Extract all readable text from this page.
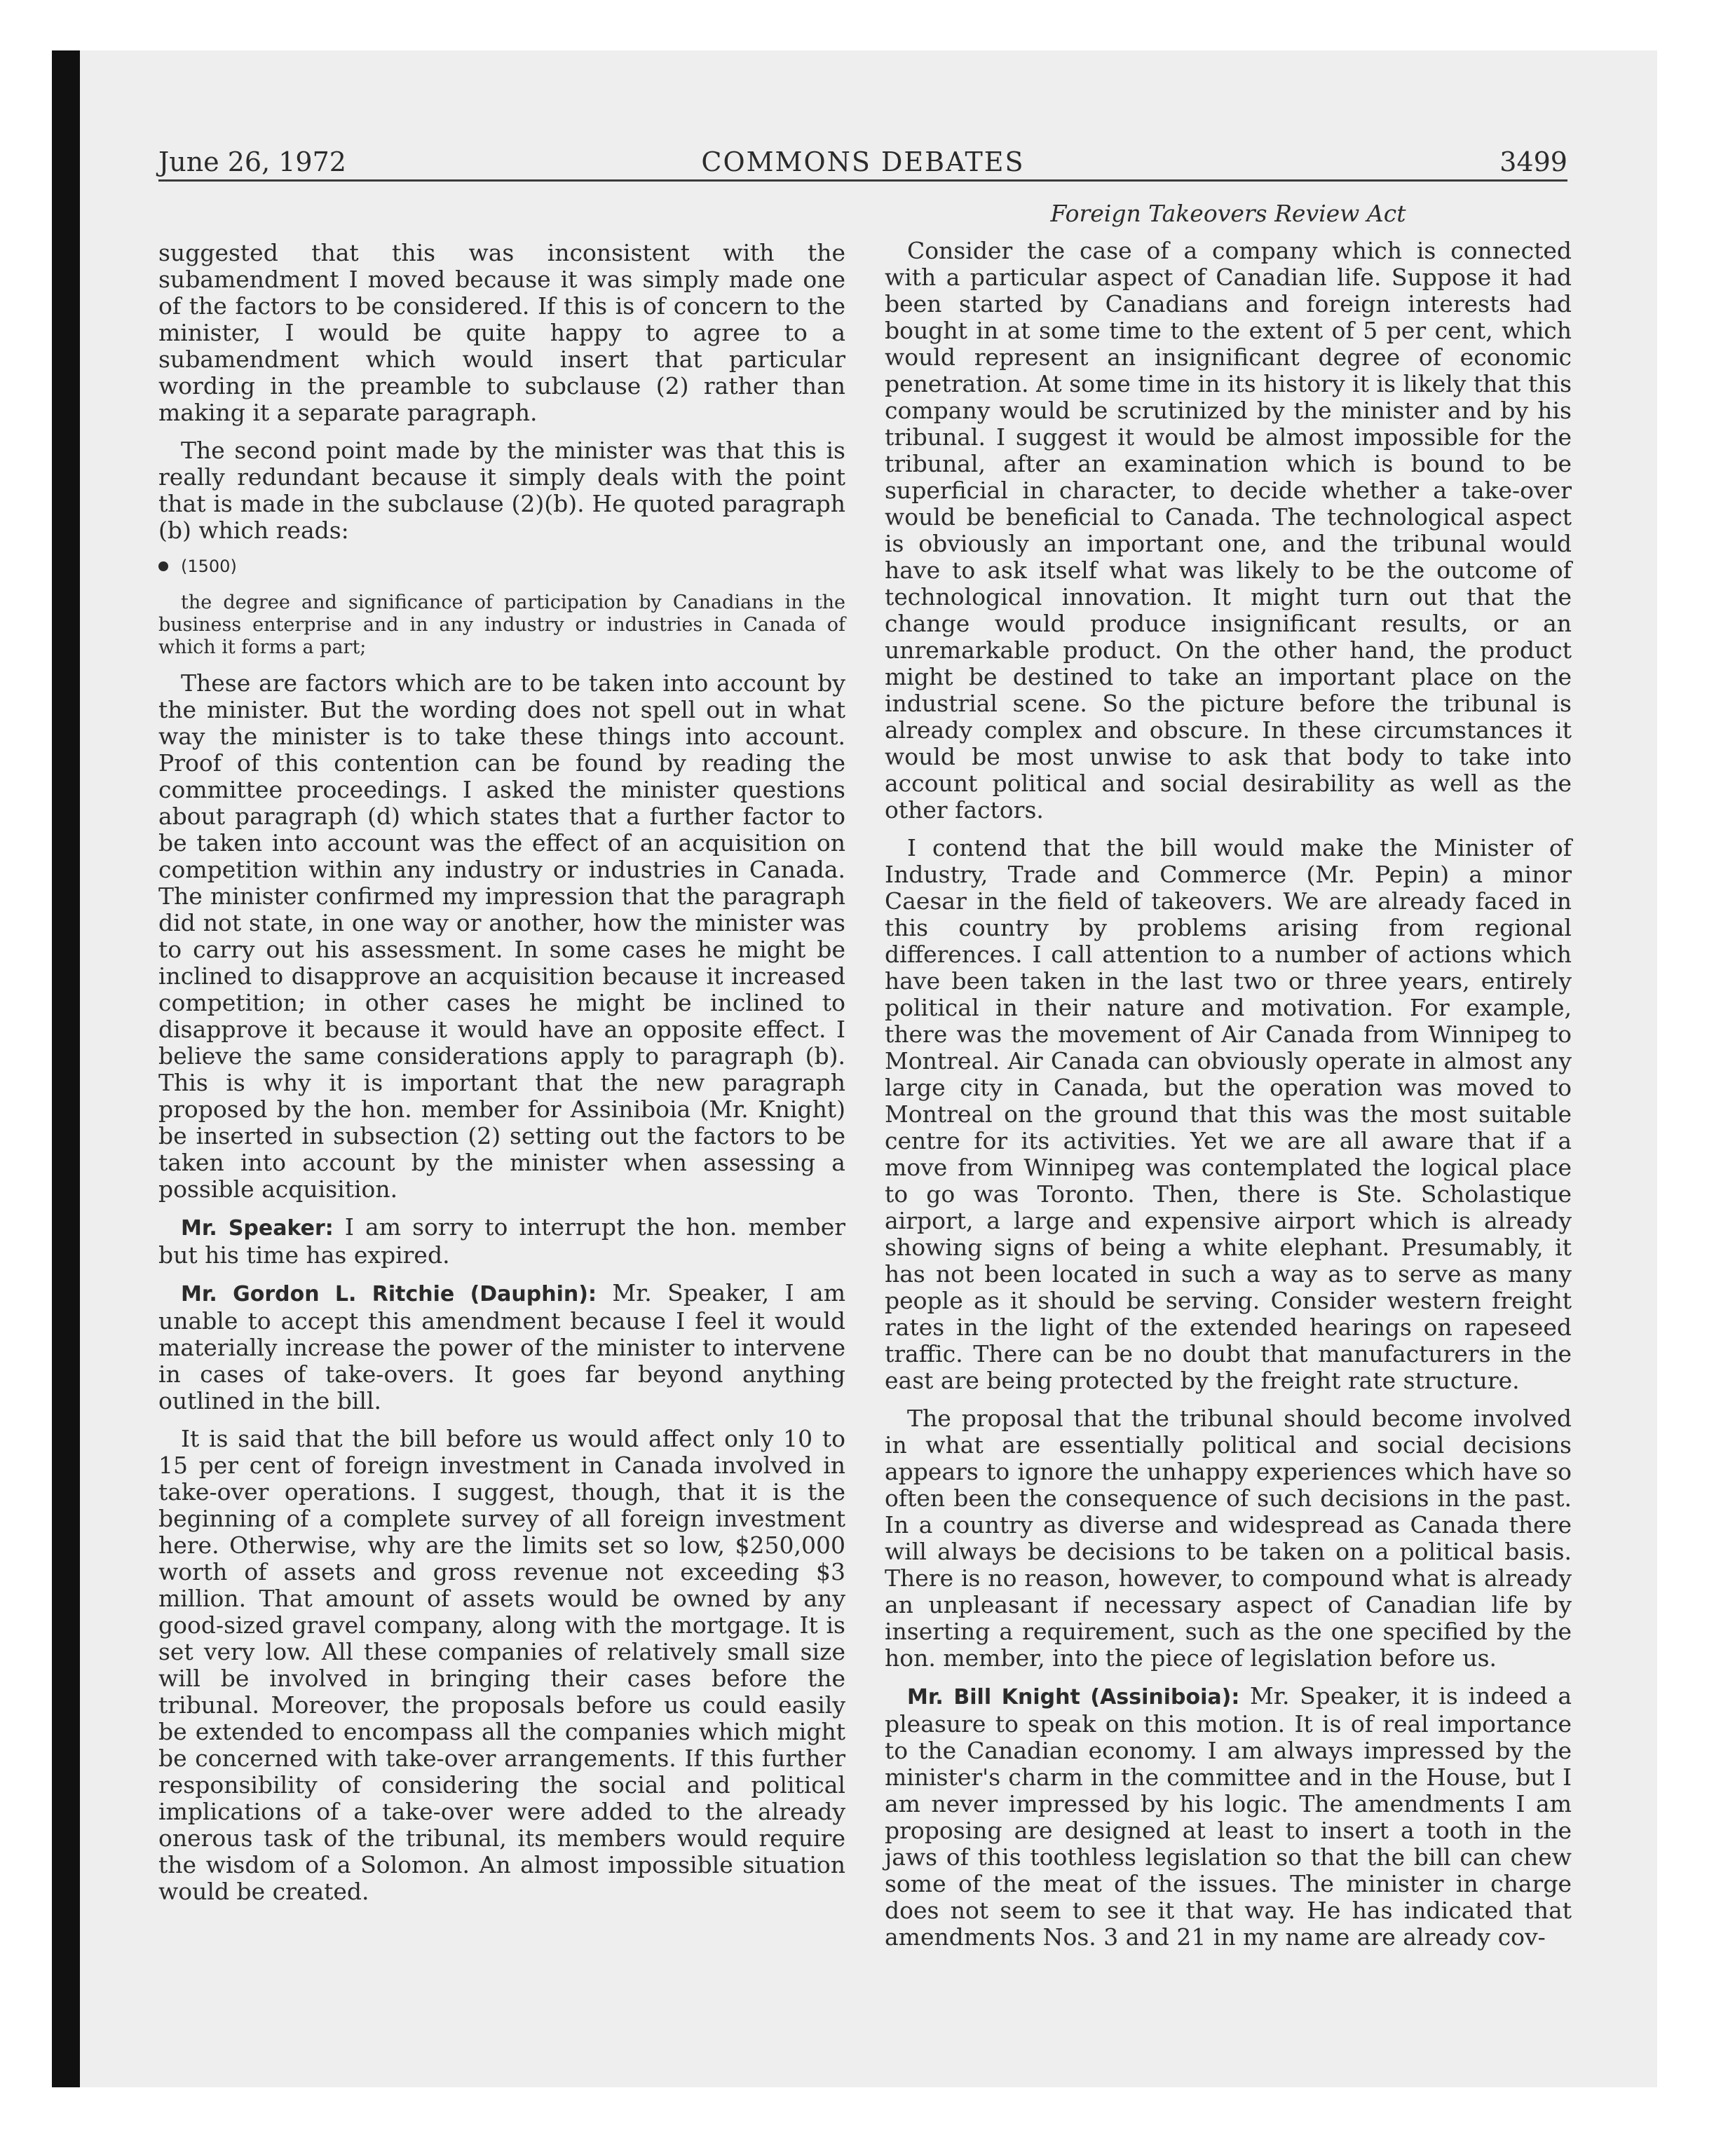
June 26, 1972	COMMONS DEBATES	3499

suggested that this was inconsistent with the subamendment I moved because it was simply made one of the factors to be considered. If this is of concern to the minister, I would be quite happy to agree to a subamendment which would insert that particular wording in the preamble to subclause (2) rather than making it a separate paragraph.

The second point made by the minister was that this is really redundant because it simply deals with the point that is made in the subclause (2)(b). He quoted paragraph (b) which reads:

(1500)

the degree and significance of participation by Canadians in the business enterprise and in any industry or industries in Canada of which it forms a part;

These are factors which are to be taken into account by the minister. But the wording does not spell out in what way the minister is to take these things into account. Proof of this contention can be found by reading the committee proceedings. I asked the minister questions about paragraph (d) which states that a further factor to be taken into account was the effect of an acquisition on competition within any industry or industries in Canada. The minister confirmed my impression that the paragraph did not state, in one way or another, how the minister was to carry out his assessment. In some cases he might be inclined to disapprove an acquisition because it increased competition; in other cases he might be inclined to disapprove it because it would have an opposite effect. I believe the same considerations apply to paragraph (b). This is why it is important that the new paragraph proposed by the hon. member for Assiniboia (Mr. Knight) be inserted in subsection (2) setting out the factors to be taken into account by the minister when assessing a possible acquisition.

Mr. Speaker: I am sorry to interrupt the hon. member but his time has expired.

Mr. Gordon L. Ritchie (Dauphin): Mr. Speaker, I am unable to accept this amendment because I feel it would materially increase the power of the minister to intervene in cases of take-overs. It goes far beyond anything outlined in the bill.

It is said that the bill before us would affect only 10 to 15 per cent of foreign investment in Canada involved in take-over operations. I suggest, though, that it is the beginning of a complete survey of all foreign investment here. Otherwise, why are the limits set so low, $250,000 worth of assets and gross revenue not exceeding $3 million. That amount of assets would be owned by any good-sized gravel company, along with the mortgage. It is set very low. All these companies of relatively small size will be involved in bringing their cases before the tribunal. Moreover, the proposals before us could easily be extended to encompass all the companies which might be concerned with take-over arrangements. If this further responsibility of considering the social and political implications of a take-over were added to the already onerous task of the tribunal, its members would require the wisdom of a Solomon. An almost impossible situation would be created.

Foreign Takeovers Review Act

Consider the case of a company which is connected with a particular aspect of Canadian life. Suppose it had been started by Canadians and foreign interests had bought in at some time to the extent of 5 per cent, which would represent an insignificant degree of economic penetration. At some time in its history it is likely that this company would be scrutinized by the minister and by his tribunal. I suggest it would be almost impossible for the tribunal, after an examination which is bound to be superficial in character, to decide whether a take-over would be beneficial to Canada. The technological aspect is obviously an important one, and the tribunal would have to ask itself what was likely to be the outcome of technological innovation. It might turn out that the change would produce insignificant results, or an unremarkable product. On the other hand, the product might be destined to take an important place on the industrial scene. So the picture before the tribunal is already complex and obscure. In these circumstances it would be most unwise to ask that body to take into account political and social desirability as well as the other factors.

I contend that the bill would make the Minister of Industry, Trade and Commerce (Mr. Pepin) a minor Caesar in the field of takeovers. We are already faced in this country by problems arising from regional differences. I call attention to a number of actions which have been taken in the last two or three years, entirely political in their nature and motivation. For example, there was the movement of Air Canada from Winnipeg to Montreal. Air Canada can obviously operate in almost any large city in Canada, but the operation was moved to Montreal on the ground that this was the most suitable centre for its activities. Yet we are all aware that if a move from Winnipeg was contemplated the logical place to go was Toronto. Then, there is Ste. Scholastique airport, a large and expensive airport which is already showing signs of being a white elephant. Presumably, it has not been located in such a way as to serve as many people as it should be serving. Consider western freight rates in the light of the extended hearings on rapeseed traffic. There can be no doubt that manufacturers in the east are being protected by the freight rate structure.

The proposal that the tribunal should become involved in what are essentially political and social decisions appears to ignore the unhappy experiences which have so often been the consequence of such decisions in the past. In a country as diverse and widespread as Canada there will always be decisions to be taken on a political basis. There is no reason, however, to compound what is already an unpleasant if necessary aspect of Canadian life by inserting a requirement, such as the one specified by the hon. member, into the piece of legislation before us.

Mr. Bill Knight (Assiniboia): Mr. Speaker, it is indeed a pleasure to speak on this motion. It is of real importance to the Canadian economy. I am always impressed by the minister's charm in the committee and in the House, but I am never impressed by his logic. The amendments I am proposing are designed at least to insert a tooth in the jaws of this toothless legislation so that the bill can chew some of the meat of the issues. The minister in charge does not seem to see it that way. He has indicated that amendments Nos. 3 and 21 in my name are already cov-
